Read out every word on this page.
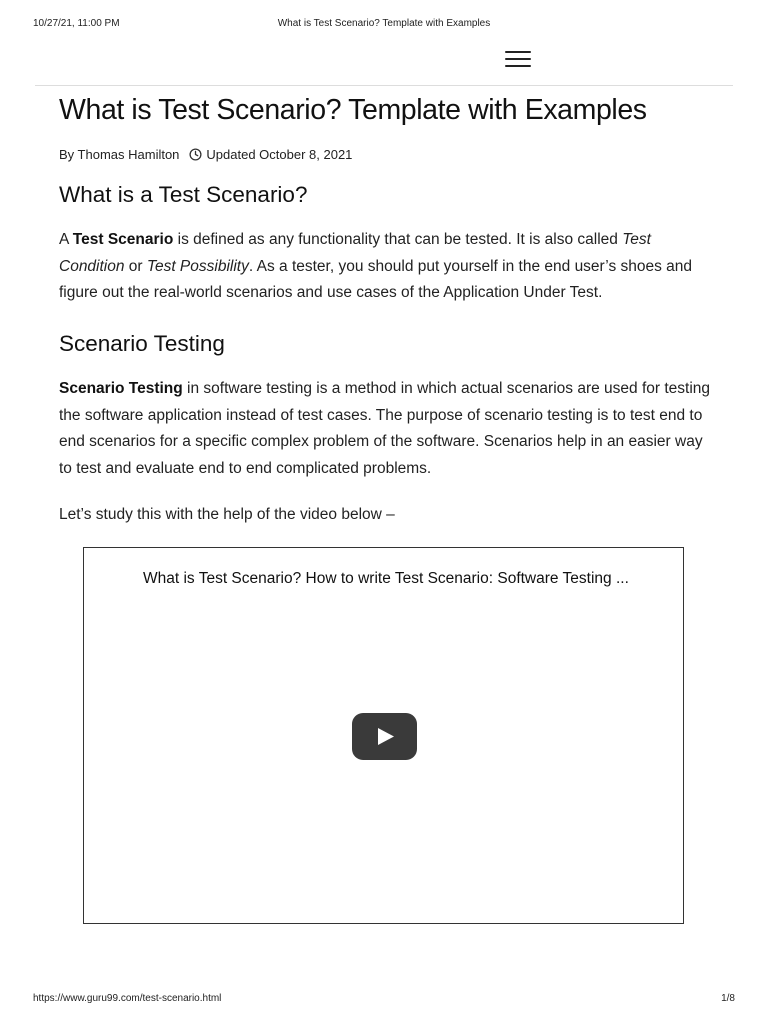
10/27/21, 11:00 PM	What is Test Scenario? Template with Examples
What is Test Scenario? Template with Examples
By Thomas Hamilton Updated October 8, 2021
What is a Test Scenario?

A Test Scenario is defined as any functionality that can be tested. It is also called Test Condition or Test Possibility. As a tester, you should put yourself in the end user’s shoes and figure out the real-world scenarios and use cases of the Application Under Test.

Scenario Testing

Scenario Testing in software testing is a method in which actual scenarios are used for testing the software application instead of test cases. The purpose of scenario testing is to test end to end scenarios for a specific complex problem of the software. Scenarios help in an easier way to test and evaluate end to end complicated problems.

Let’s study this with the help of the video below –

What is Test Scenario? How to write Test Scenario: Software Testing ...
https://www.guru99.com/test-scenario.html	1/8
